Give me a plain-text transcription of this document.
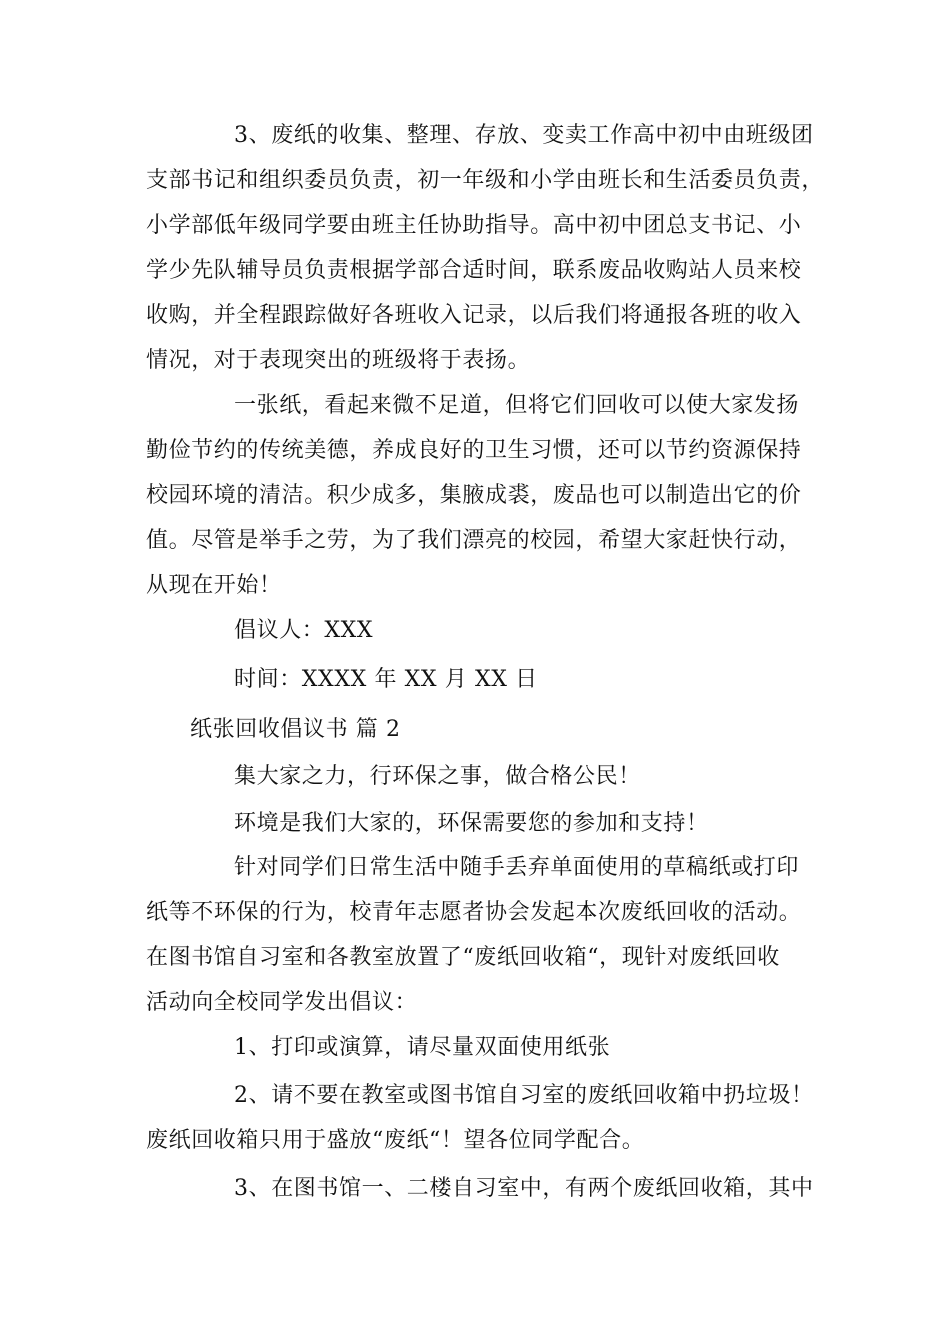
3、废纸的收集、整理、存放、变卖工作高中初中由班级团

支部书记和组织委员负责，初一年级和小学由班长和生活委员负责，

小学部低年级同学要由班主任协助指导。高中初中团总支书记、小

学少先队辅导员负责根据学部合适时间，联系废品收购站人员来校

收购，并全程跟踪做好各班收入记录，以后我们将通报各班的收入

情况，对于表现突出的班级将于表扬。

一张纸，看起来微不足道，但将它们回收可以使大家发扬

勤俭节约的传统美德，养成良好的卫生习惯，还可以节约资源保持

校园环境的清洁。积少成多，集腋成裘，废品也可以制造出它的价

值。尽管是举手之劳，为了我们漂亮的校园，希望大家赶快行动，

从现在开始！

倡议人：XXX

时间：XXXX 年 XX 月 XX 日

纸张回收倡议书 篇 2

集大家之力，行环保之事，做合格公民！

环境是我们大家的，环保需要您的参加和支持！

针对同学们日常生活中随手丢弃单面使用的草稿纸或打印

纸等不环保的行为，校青年志愿者协会发起本次废纸回收的活动。

在图书馆自习室和各教室放置了“废纸回收箱“，现针对废纸回收

活动向全校同学发出倡议：

1、打印或演算，请尽量双面使用纸张

2、请不要在教室或图书馆自习室的废纸回收箱中扔垃圾！

废纸回收箱只用于盛放“废纸“！望各位同学配合。

3、在图书馆一、二楼自习室中，有两个废纸回收箱，其中
